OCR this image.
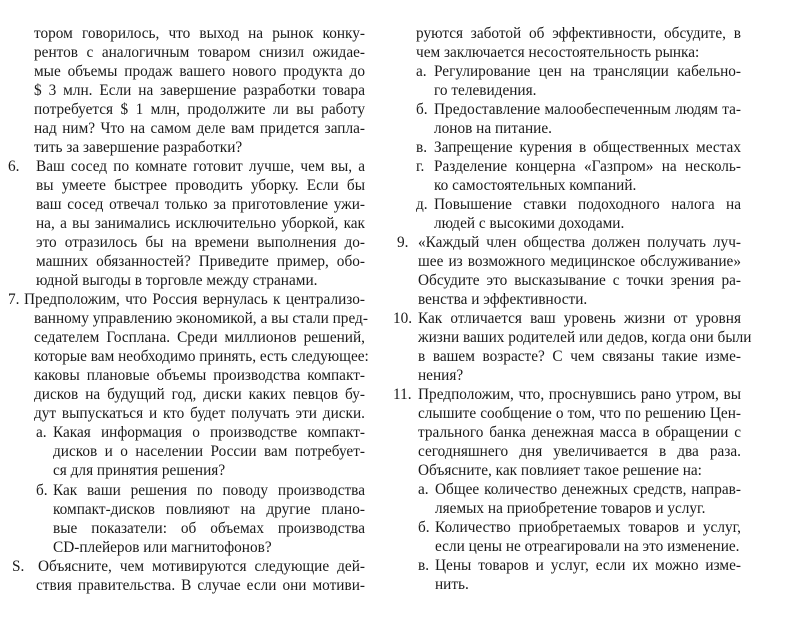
тором говорилось, что выход на рынок конку-
рентов с аналогичным товаром снизил ожидае-
мые объемы продаж вашего нового продукта до
$ 3 млн. Если на завершение разработки товара
потребуется $ 1 млн, продолжите ли вы работу
над ним? Что на самом деле вам придется запла-
тить за завершение разработки?
6. Ваш сосед по комнате готовит лучше, чем вы, а
вы умеете быстрее проводить уборку. Если бы
ваш сосед отвечал только за приготовление ужи-
на, а вы занимались исключительно уборкой, как
это отразилось бы на времени выполнения до-
машних обязанностей? Приведите пример, обо-
юдной выгоды в торговле между странами.
7. Предположим, что Россия вернулась к централизо-
ванному управлению экономикой, а вы стали пред-
седателем Госплана. Среди миллионов решений,
которые вам необходимо принять, есть следующее:
каковы плановые объемы производства компакт-
дисков на будущий год, диски каких певцов бу-
дут выпускаться и кто будет получать эти диски.
а. Какая информация о производстве компакт-
дисков и о населении России вам потребует-
ся для принятия решения?
б. Как ваши решения по поводу производства
компакт-дисков повлияют на другие плано-
вые показатели: об объемах производства
CD-плейеров или магнитофонов?
S. Объясните, чем мотивируются следующие дей-
ствия правительства. В случае если они мотиви-
руются заботой об эффективности, обсудите, в
чем заключается несостоятельность рынка:
а. Регулирование цен на трансляции кабельно-
го телевидения.
б. Предоставление малообеспеченным людям та-
лонов на питание.
в. Запрещение курения в общественных местах
г. Разделение концерна «Газпром» на несколь-
ко самостоятельных компаний.
д. Повышение ставки подоходного налога на
людей с высокими доходами.
9. «Каждый член общества должен получать луч-
шее из возможного медицинское обслуживание»
Обсудите это высказывание с точки зрения ра-
венства и эффективности.
10. Как отличается ваш уровень жизни от уровня
жизни ваших родителей или дедов, когда они были
в вашем возрасте? С чем связаны такие изме-
нения?
11. Предположим, что, проснувшись рано утром, вы
слышите сообщение о том, что по решению Цен-
трального банка денежная масса в обращении с
сегодняшнего дня увеличивается в два раза.
Объясните, как повлияет такое решение на:
а. Общее количество денежных средств, направ-
ляемых на приобретение товаров и услуг.
б. Количество приобретаемых товаров и услуг,
если цены не отреагировали на это изменение.
в. Цены товаров и услуг, если их можно изме-
нить.
